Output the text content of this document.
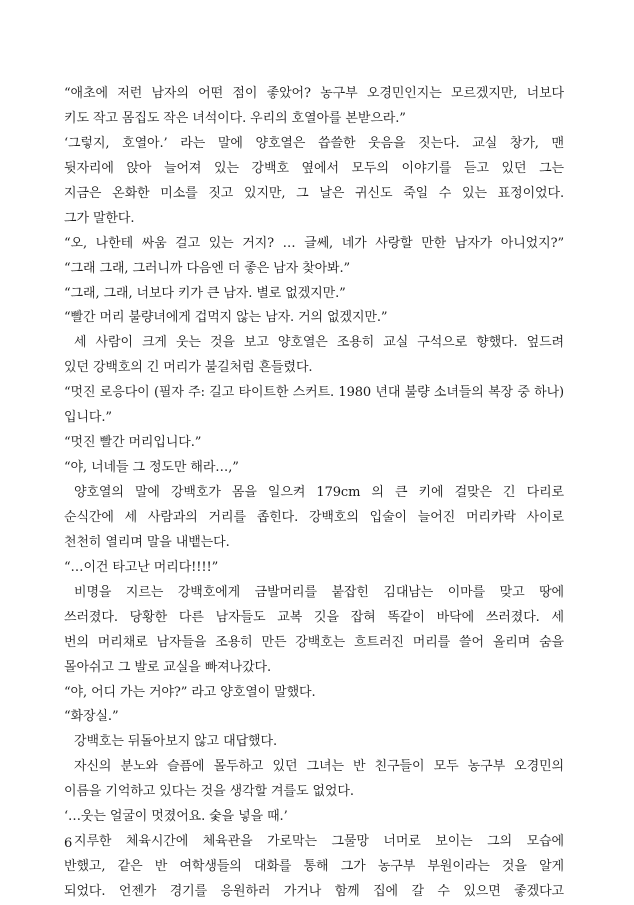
“애초에 저런 남자의 어떤 점이 좋았어? 농구부 오경민인지는 모르겠지만, 너보다
키도 작고 몸집도 작은 녀석이다. 우리의 호열아를 본받으라.”
‘그렇지, 호열아.’ 라는 말에 양호열은 씁쓸한 웃음을 짓는다. 교실 창가, 맨
뒷자리에 앉아 늘어져 있는 강백호 옆에서 모두의 이야기를 듣고 있던 그는
지금은 온화한 미소를 짓고 있지만, 그 날은 귀신도 죽일 수 있는 표정이었다.
그가 말한다.
“오, 나한테 싸움 걸고 있는 거지? … 글쎄, 네가 사랑할 만한 남자가 아니었지?”
“그래 그래, 그러니까 다음엔 더 좋은 남자 찾아봐.”
“그래, 그래, 너보다 키가 큰 남자. 별로 없겠지만.”
“빨간 머리 불량녀에게 겁먹지 않는 남자. 거의 없겠지만.”
세 사람이 크게 웃는 것을 보고 양호열은 조용히 교실 구석으로 향했다. 엎드려
있던 강백호의 긴 머리가 불길처럼 흔들렸다.
“멋진 로응다이 (필자 주: 길고 타이트한 스커트. 1980 년대 불량 소녀들의 복장 중 하나)
입니다.”
“멋진 빨간 머리입니다.”
“야, 너네들 그 정도만 해라…,”
양호열의 말에 강백호가 몸을 일으켜 179cm 의 큰 키에 걸맞은 긴 다리로
순식간에 세 사람과의 거리를 좁힌다. 강백호의 입술이 늘어진 머리카락 사이로
천천히 열리며 말을 내뱉는다.
“…이건 타고난 머리다!!!!”
비명을 지르는 강백호에게 금발머리를 붙잡힌 김대남는 이마를 맞고 땅에
쓰러졌다. 당황한 다른 남자들도 교복 깃을 잡혀 똑같이 바닥에 쓰러졌다. 세
번의 머리채로 남자들을 조용히 만든 강백호는 흐트러진 머리를 쓸어 올리며 숨을
몰아쉬고 그 발로 교실을 빠져나갔다.
“야, 어디 가는 거야?” 라고 양호열이 말했다.
“화장실.”
강백호는 뒤돌아보지 않고 대답했다.
자신의 분노와 슬픔에 몰두하고 있던 그녀는 반 친구들이 모두 농구부 오경민의
이름을 기억하고 있다는 것을 생각할 겨를도 없었다.
‘…웃는 얼굴이 멋졌어요. 숯을 넣을 때.’
지루한 체육시간에 체육관을 가로막는 그물망 너머로 보이는 그의 모습에
반했고, 같은 반 여학생들의 대화를 통해 그가 농구부 부원이라는 것을 알게
되었다. 언젠가 경기를 응원하러 가거나 함께 집에 갈 수 있으면 좋겠다고
6
